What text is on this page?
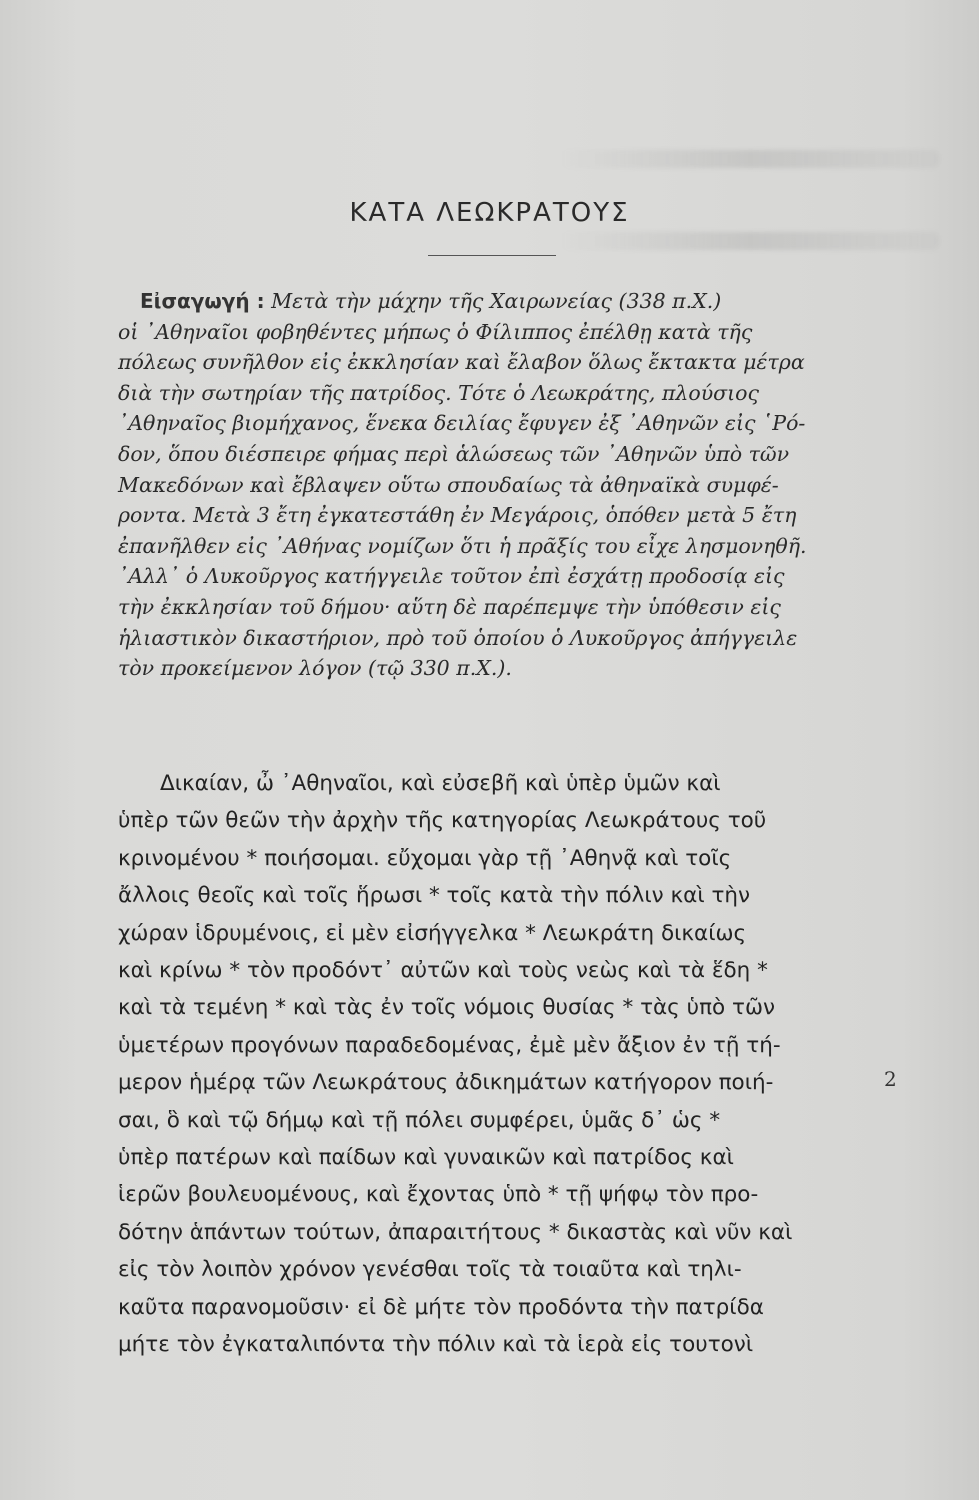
ΚΑΤΑ ΛΕΩΚΡΑΤΟΥΣ
Εἰσαγωγή : Μετὰ τὴν μάχην τῆς Χαιρωνείας (338 π.Χ.)
οἱ ᾿Αθηναῖοι φοβηθέντες μήπως ὁ Φίλιππος ἐπέλθῃ κατὰ τῆς
πόλεως συνῆλθον εἰς ἐκκλησίαν καὶ ἔλαβον ὅλως ἔκτακτα μέτρα
διὰ τὴν σωτηρίαν τῆς πατρίδος. Τότε ὁ Λεωκράτης, πλούσιος
᾿Αθηναῖος βιομήχανος, ἕνεκα δειλίας ἔφυγεν ἐξ ᾿Αθηνῶν εἰς ῾Ρό-
δον, ὅπου διέσπειρε φήμας περὶ ἁλώσεως τῶν ᾿Αθηνῶν ὑπὸ τῶν
Μακεδόνων καὶ ἔβλαψεν οὕτω σπουδαίως τὰ ἀθηναϊκὰ συμφέ-
ροντα. Μετὰ 3 ἔτη ἐγκατεστάθη ἐν Μεγάροις, ὁπόθεν μετὰ 5 ἔτη
ἐπανῆλθεν εἰς ᾿Αθήνας νομίζων ὅτι ἡ πρᾶξίς του εἶχε λησμονηθῆ.
᾿Αλλ᾿ ὁ Λυκοῦργος κατήγγειλε τοῦτον ἐπὶ ἐσχάτῃ προδοσίᾳ εἰς
τὴν ἐκκλησίαν τοῦ δήμου· αὕτη δὲ παρέπεμψε τὴν ὑπόθεσιν εἰς
ἡλιαστικὸν δικαστήριον, πρὸ τοῦ ὁποίου ὁ Λυκοῦργος ἀπήγγειλε
τὸν προκείμενον λόγον (τῷ 330 π.Χ.).
Δικαίαν, ὦ ᾿Αθηναῖοι, καὶ εὐσεβῆ καὶ ὑπὲρ ὑμῶν καὶ
ὑπὲρ τῶν θεῶν τὴν ἀρχὴν τῆς κατηγορίας Λεωκράτους τοῦ
κρινομένου * ποιήσομαι. εὔχομαι γὰρ τῇ ᾿Αθηνᾷ καὶ τοῖς
ἄλλοις θεοῖς καὶ τοῖς ἥρωσι * τοῖς κατὰ τὴν πόλιν καὶ τὴν
χώραν ἱδρυμένοις, εἰ μὲν εἰσήγγελκα * Λεωκράτη δικαίως
καὶ κρίνω * τὸν προδόντ᾿ αὐτῶν καὶ τοὺς νεὼς καὶ τὰ ἕδη *
καὶ τὰ τεμένη * καὶ τὰς ἐν τοῖς νόμοις θυσίας * τὰς ὑπὸ τῶν
ὑμετέρων προγόνων παραδεδομένας, ἐμὲ μὲν ἄξιον ἐν τῇ τή-
μερον ἡμέρᾳ τῶν Λεωκράτους ἀδικημάτων κατήγορον ποιή-
σαι, ὃ καὶ τῷ δήμῳ καὶ τῇ πόλει συμφέρει, ὑμᾶς δ᾿ ὡς *
ὑπὲρ πατέρων καὶ παίδων καὶ γυναικῶν καὶ πατρίδος καὶ
ἱερῶν βουλευομένους, καὶ ἔχοντας ὑπὸ * τῇ ψήφῳ τὸν προ-
δότην ἁπάντων τούτων, ἀπαραιτήτους * δικαστὰς καὶ νῦν καὶ
εἰς τὸν λοιπὸν χρόνον γενέσθαι τοῖς τὰ τοιαῦτα καὶ τηλι-
καῦτα παρανομοῦσιν· εἰ δὲ μήτε τὸν προδόντα τὴν πατρίδα
μήτε τὸν ἐγκαταλιπόντα τὴν πόλιν καὶ τὰ ἱερὰ εἰς τουτονὶ
2
